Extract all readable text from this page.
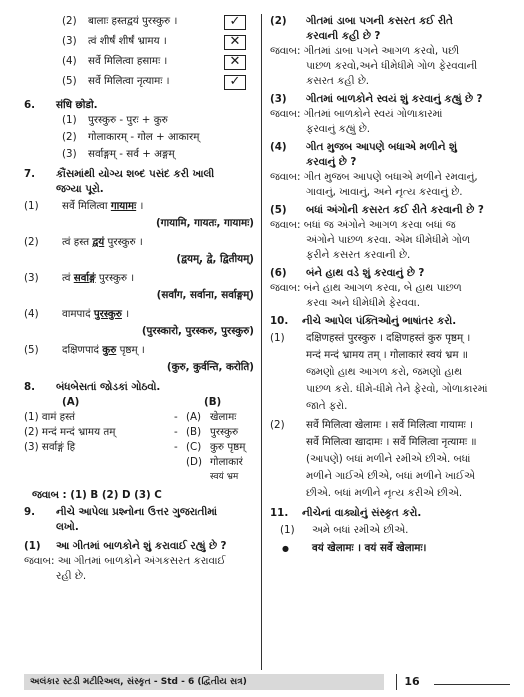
(2) बालाः हस्तद्वयं पुरस्कुरु ।	✓
(3) त्वं शीर्षं शीर्षं भ्रामय ।	✕
(4) सर्वे मिलित्वा हसामः ।	✕
(5) सर्वे मिलित्वा नृत्यामः ।	✓
6. संधि छोडो.
(1) पुरस्कुरु - पुरः + कुरु
(2) गोलाकारम् - गोल + आकारम्
(3) सर्वाङ्गम् - सर्व + अङ्गम्
7. કૌંસમાંથી યોગ્ય શબ્દ પસંદ કરી ખાલી
જગ્યા પૂરો.
(1) सर्वे मिलित्वा गायामः ।
(गायामि, गायतः, गायामः)
(2) त्वं हस्त द्वयं पुरस्कुरु ।
(द्वयम्, द्वे, द्वितीयम्)
(3) त्वं सर्वाङ्गं पुरस्कुरु ।
(सर्वांग, सर्वाना, सर्वाङ्गम्)
(4) वामपादं पुरस्कुरु ।
(पुरस्कारो, पुरस्करु, पुरस्कुरु)
(5) दक्षिणपादं कुरु पृष्ठम् ।
(कुरु, कुर्वन्ति, करोति)
8. બંધબેસતાં જોડકાં ગોઠવો.
(A)	(B)
(1) वामं हस्तं	- (A) खेलामः
(2) मन्दं मन्दं भ्रामय तम्	- (B) पुरस्कुरु
(3) सर्वाङ्गं हि	- (C) कुरु पृष्ठम्
(D) गोलाकारं
स्वयं भ्रम
જવાબ : (1) B (2) D (3) C
9. નીચે આપેલા પ્રશ્નોના ઉત્તર ગુજરાતીમાં
લખો.
(1) આ ગીતમાં બાળકોને શું કરાવાઈ રહ્યું છે ?
જવાબ: આ ગીતમાં બાળકોને અંગકસરત કરાવાઈ
રહી છે.
(2) ગીતમાં ડાબા પગની કસરત કઈ રીતે
કરવાની કહી છે ?
જવાબ: ગીતમાં ડાબા પગને આગળ કરવો, પછી
પાછળ કરવો,અને ધીમેધીમે ગોળ ફેરવવાની
કસરત કહી છે.
(3) ગીતમાં બાળકોને સ્વયં શું કરવાનું કહ્યું છે ?
જવાબ: ગીતમાં બાળકોને સ્વયં ગોળાકારમાં
ફરવાનું કહ્યું છે.
(4) ગીત મુજબ આપણે બધાએ મળીને શું
કરવાનું છે ?
જવાબ: ગીત મુજબ આપણે બધાએ મળીને રમવાનું,
ગાવાનું, ખાવાનું, અને નૃત્ય કરવાનું છે.
(5) બધાં અંગોની કસરત કઈ રીતે કરવાની છે ?
જવાબ: બધાં જ અંગોને આગળ કરવા બધાં જ
અંગોને પાછળ કરવા. એમ ધીમેધીમે ગોળ
ફરીને કસરત કરવાની છે.
(6) બંને હાથ વડે શું કરવાનું છે ?
જવાબ: બંને હાથ આગળ કરવા, બે હાથ પાછળ
કરવા અને ધીમેધીમે ફેરવવા.
10. નીચે આપેલ પંક્તિઓનું ભાષાંતર કરો.
(1) दक्षिणहस्तं पुरस्कुरु । दक्षिणहस्तं कुरु पृष्ठम् ।
मन्दं मन्दं भ्रामय तम् । गोलाकारं स्वयं भ्रम ॥
જમણો હાથ આગળ કરો, જમણો હાથ
પાછળ કરો. ધીમે-ધીમે તેને ફેરવો, ગોળાકારમાં
જાતે ફરો.
(2) सर्वे मिलित्वा खेलामः । सर्वे मिलित्वा गायामः ।
सर्वे मिलित्वा खादामः । सर्वे मिलित्वा नृत्यामः ॥
(આપણે) બધાં મળીને રમીએ છીએ. બધાં
મળીને ગાઈએ છીએ, બધાં મળીને ખાઈએ
છીએ. બધાં મળીને નૃત્ય કરીએ છીએ.
11. નીચેનાં વાક્યોનું સંસ્કૃત કરો.
(1) અમે બધાં રમીએ છીએ.
● वयं खेलामः । वयं सर्वे खेलामः।
અલંકાર સ્ટડી મટીરિઅલ, સંસ્કૃત - Std - 6 (દ્વિતીય સત્ર)	16
